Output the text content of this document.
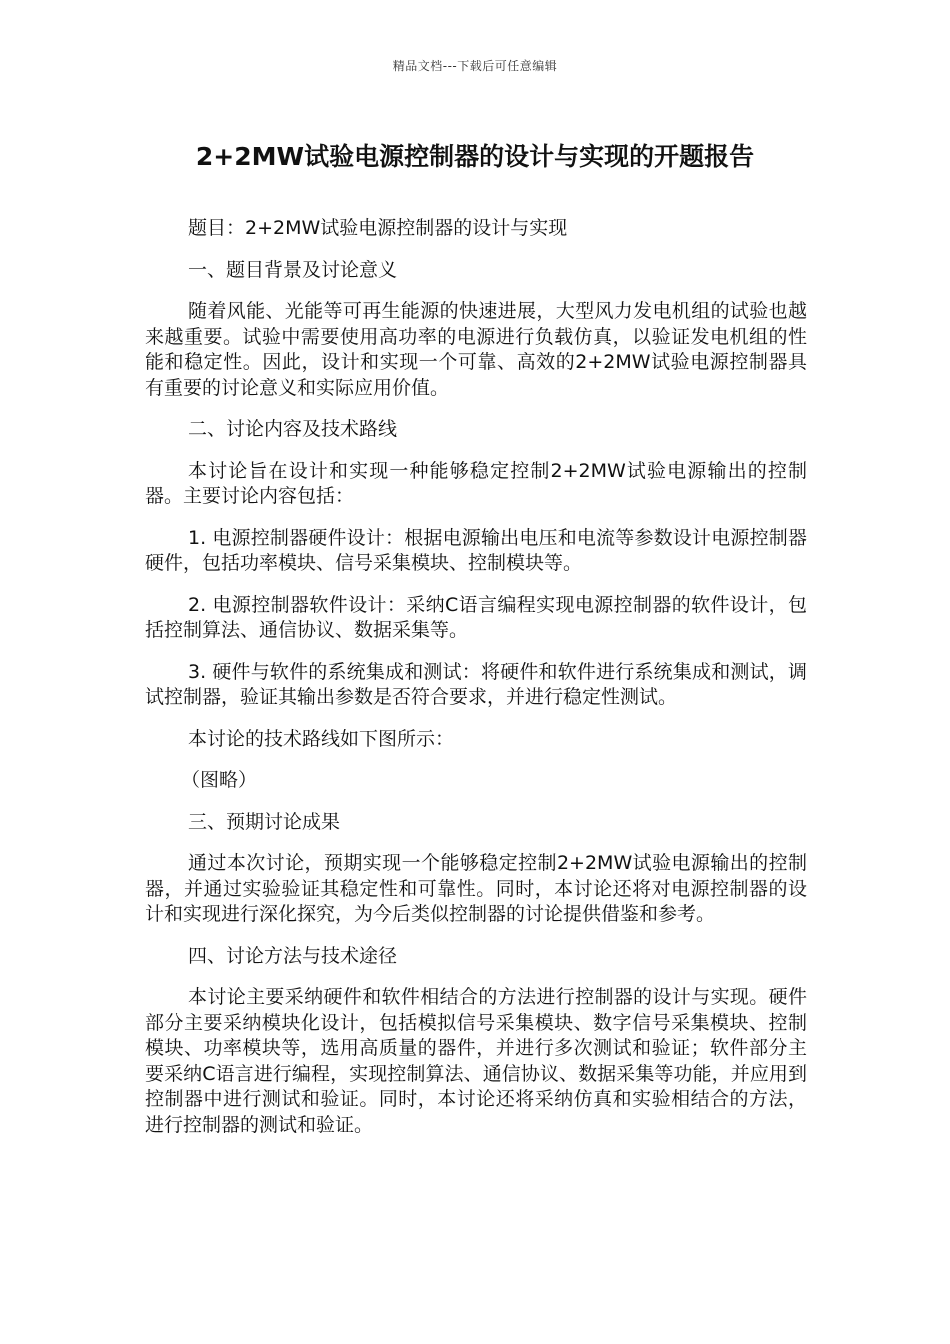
精品文档---下载后可任意编辑
2+2MW试验电源控制器的设计与实现的开题报告

题目：2+2MW试验电源控制器的设计与实现

一、题目背景及讨论意义

随着风能、光能等可再生能源的快速进展，大型风力发电机组的试验也越来越重要。试验中需要使用高功率的电源进行负载仿真，以验证发电机组的性能和稳定性。因此，设计和实现一个可靠、高效的2+2MW试验电源控制器具有重要的讨论意义和实际应用价值。

二、讨论内容及技术路线

本讨论旨在设计和实现一种能够稳定控制2+2MW试验电源输出的控制器。主要讨论内容包括：

1. 电源控制器硬件设计：根据电源输出电压和电流等参数设计电源控制器硬件，包括功率模块、信号采集模块、控制模块等。

2. 电源控制器软件设计：采纳C语言编程实现电源控制器的软件设计，包括控制算法、通信协议、数据采集等。

3. 硬件与软件的系统集成和测试：将硬件和软件进行系统集成和测试，调试控制器，验证其输出参数是否符合要求，并进行稳定性测试。

本讨论的技术路线如下图所示：

（图略）

三、预期讨论成果

通过本次讨论，预期实现一个能够稳定控制2+2MW试验电源输出的控制器，并通过实验验证其稳定性和可靠性。同时，本讨论还将对电源控制器的设计和实现进行深化探究，为今后类似控制器的讨论提供借鉴和参考。

四、讨论方法与技术途径

本讨论主要采纳硬件和软件相结合的方法进行控制器的设计与实现。硬件部分主要采纳模块化设计，包括模拟信号采集模块、数字信号采集模块、控制模块、功率模块等，选用高质量的器件，并进行多次测试和验证；软件部分主要采纳C语言进行编程，实现控制算法、通信协议、数据采集等功能，并应用到控制器中进行测试和验证。同时，本讨论还将采纳仿真和实验相结合的方法，进行控制器的测试和验证。
